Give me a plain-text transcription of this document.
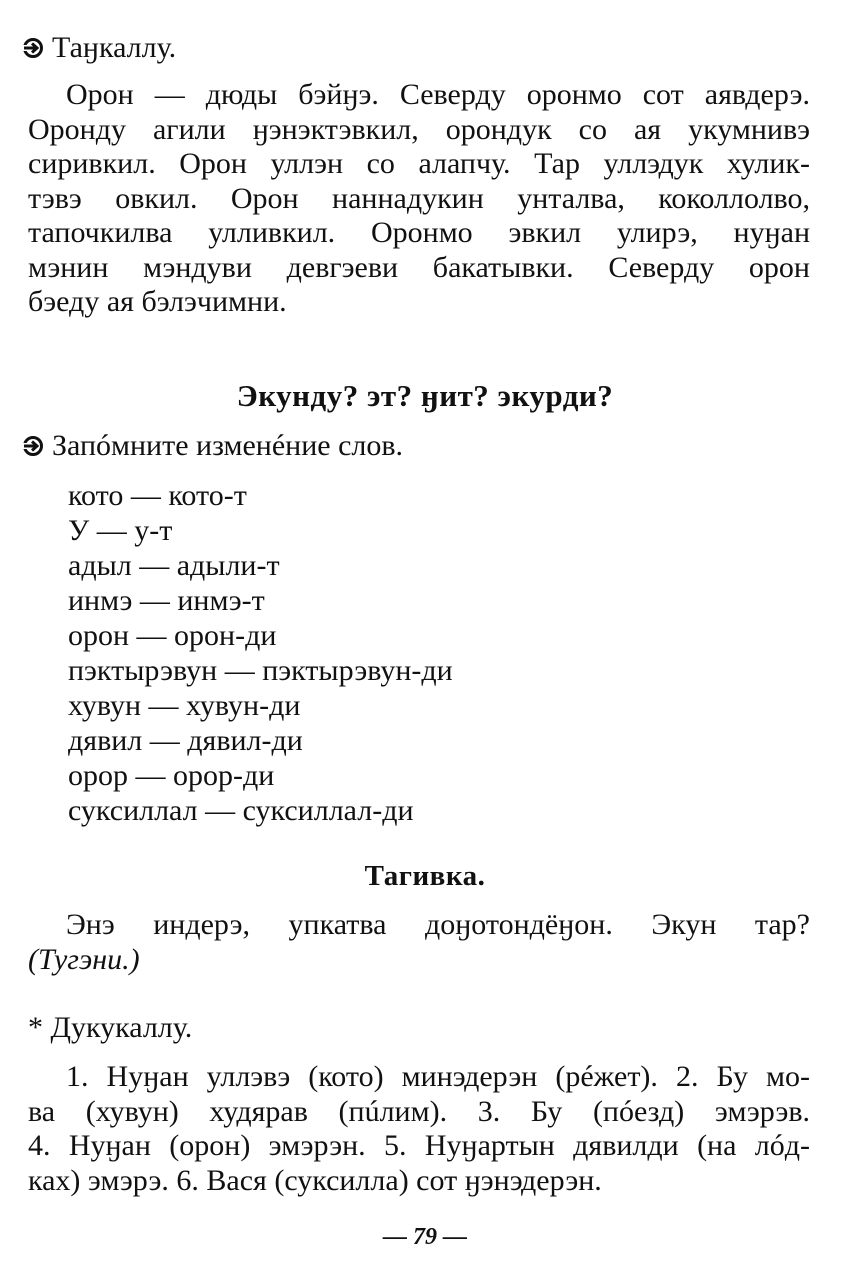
Таӈкаллу.
Орон — дюды бэйӈэ. Северду оронмо сот аявдерэ.
Оронду агили ӈэнэктэвкил, орондук со ая укумнивэ
сиривкил. Орон уллэн со алапчу. Тар уллэдук хулик-
тэвэ овкил. Орон наннадукин унталва, коколлолво,
тапочкилва улливкил. Оронмо эвкил улирэ, нуӈан
мэнин мэндуви девгэеви бакатывки. Северду орон
бэеду ая бэлэчимни.
Экунду? эт? ӈит? экурди?
Запóмните изменéние слов.
кото — кото-т
У — у-т
адыл — адыли-т
инмэ — инмэ-т
орон — орон-ди
пэктырэвун — пэктырэвун-ди
хувун — хувун-ди
дявил — дявил-ди
орор — орор-ди
суксиллал — суксиллал-ди
Тагивка.
Энэ индерэ, упкатва доӈотондёӈон. Экун тар?
(Тугэни.)
* Дукукаллу.
1. Нуӈан уллэвэ (кото) минэдерэн (рéжет). 2. Бу мо-
ва (хувун) худярав (пúлим). 3. Бу (пóезд) эмэрэв.
4. Нуӈан (орон) эмэрэн. 5. Нуӈартын дявилди (на лóд-
ках) эмэрэ. 6. Вася (суксилла) сот ӈэнэдерэн.
— 79 —
